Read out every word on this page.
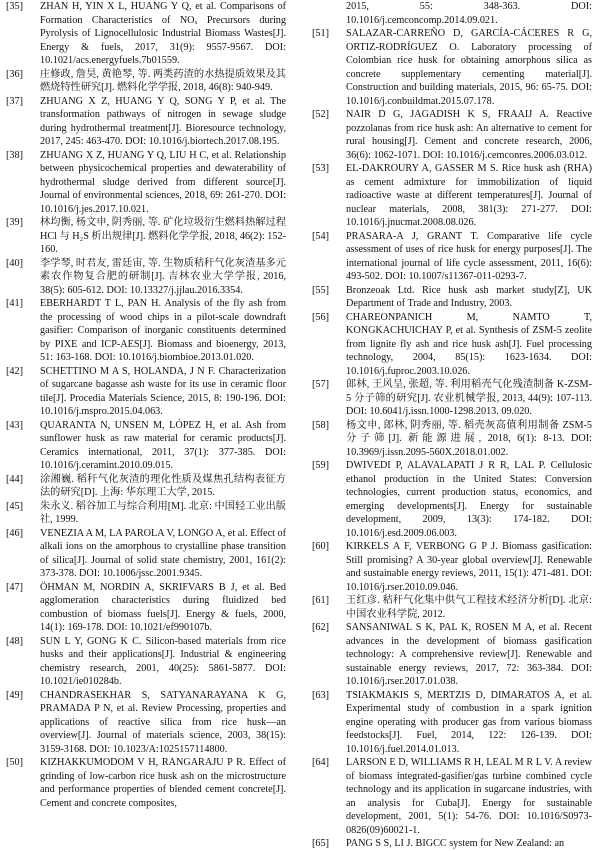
[35]	ZHAN H, YIN X L, HUANG Y Q, et al. Comparisons of Formation Characteristics of NOₓ Precursors during Pyrolysis of Lignocellulosic Industrial Biomass Wastes[J]. Energy & fuels, 2017, 31(9): 9557-9567. DOI: 10.1021/acs.energyfuels.7b01559.
[36]	庄修政, 詹昊, 黄艳琴, 等. 两类药渣的水热提质效果及其燃烧特性研究[J]. 燃料化学学报, 2018, 46(8): 940-949.
[37]	ZHUANG X Z, HUANG Y Q, SONG Y P, et al. The transformation pathways of nitrogen in sewage sludge during hydrothermal treatment[J]. Bioresource technology, 2017, 245: 463-470. DOI: 10.1016/j.biortech.2017.08.195.
[38]	ZHUANG X Z, HUANG Y Q, LIU H C, et al. Relationship between physicochemical properties and dewaterability of hydrothermal sludge derived from different source[J]. Journal of environmental sciences, 2018, 69: 261-270. DOI: 10.1016/j.jes.2017.10.021.
[39]	林均衡, 杨文申, 阴秀丽, 等. 矿化垃圾衍生燃料热解过程 HCl 与 H₂S 析出规律[J]. 燃料化学学报, 2018, 46(2): 152-160.
[40]	李学琴, 时君友, 雷廷宙, 等. 生物质秸秆气化灰渣基多元素农作物复合肥的研制[J]. 吉林农业大学学报, 2016, 38(5): 605-612. DOI: 10.13327/j.jjlau.2016.3354.
[41]	EBERHARDT T L, PAN H. Analysis of the fly ash from the processing of wood chips in a pilot-scale downdraft gasifier: Comparison of inorganic constituents determined by PIXE and ICP-AES[J]. Biomass and bioenergy, 2013, 51: 163-168. DOI: 10.1016/j.biombioe.2013.01.020.
[42]	SCHETTINO M A S, HOLANDA, J N F. Characterization of sugarcane bagasse ash waste for its use in ceramic floor tile[J]. Procedia Materials Science, 2015, 8: 190-196. DOI: 10.1016/j.mspro.2015.04.063.
[43]	QUARANTA N, UNSEN M, LÓPEZ H, et al. Ash from sunflower husk as raw material for ceramic products[J]. Ceramics international, 2011, 37(1): 377-385. DOI: 10.1016/j.ceramint.2010.09.015.
[44]	涂湘巍. 稻秆气化灰渣的理化性质及煤焦孔结构表征方法的研究[D]. 上海: 华东理工大学, 2015.
[45]	朱永义. 稻谷加工与综合利用[M]. 北京: 中国轻工业出版社, 1999.
[46]	VENEZIA A M, LA PAROLA V, LONGO A, et al. Effect of alkali ions on the amorphous to crystalline phase transition of silica[J]. Journal of solid state chemistry, 2001, 161(2): 373-378. DOI: 10.1006/jssc.2001.9345.
[47]	ÖHMAN M, NORDIN A, SKRIFVARS B J, et al. Bed agglomeration characteristics during fluidized bed combustion of biomass fuels[J]. Energy & fuels, 2000, 14(1): 169-178. DOI: 10.1021/ef990107b.
[48]	SUN L Y, GONG K C. Silicon-based materials from rice husks and their applications[J]. Industrial & engineering chemistry research, 2001, 40(25): 5861-5877. DOI: 10.1021/ie010284b.
[49]	CHANDRASEKHAR S, SATYANARAYANA K G, PRAMADA P N, et al. Review Processing, properties and applications of reactive silica from rice husk—an overview[J]. Journal of materials science, 2003, 38(15): 3159-3168. DOI: 10.1023/A:1025157114800.
[50]	KIZHAKKUMODOM V H, RANGARAJU P R. Effect of grinding of low-carbon rice husk ash on the microstructure and performance properties of blended cement concrete[J]. Cement and concrete composites,
2015, 55: 348-363. DOI: 10.1016/j.cemconcomp.2014.09.021.
[51]	SALAZAR-CARREÑO D, GARCÍA-CÁCERES R G, ORTIZ-RODRÍGUEZ O. Laboratory processing of Colombian rice husk for obtaining amorphous silica as concrete supplementary cementing material[J]. Construction and building materials, 2015, 96: 65-75. DOI: 10.1016/j.conbuildmat.2015.07.178.
[52]	NAIR D G, JAGADISH K S, FRAAIJ A. Reactive pozzolanas from rice husk ash: An alternative to cement for rural housing[J]. Cement and concrete research, 2006, 36(6): 1062-1071. DOI: 10.1016/j.cemconres.2006.03.012.
[53]	EL-DAKROURY A, GASSER M S. Rice husk ash (RHA) as cement admixture for immobilization of liquid radioactive waste at different temperatures[J]. Journal of nuclear materials, 2008, 381(3): 271-277. DOI: 10.1016/j.jnucmat.2008.08.026.
[54]	PRASARA-A J, GRANT T. Comparative life cycle assessment of uses of rice husk for energy purposes[J]. The international journal of life cycle assessment, 2011, 16(6): 493-502. DOI: 10.1007/s11367-011-0293-7.
[55]	Bronzeoak Ltd. Rice husk ash market study[Z], UK Department of Trade and Industry, 2003.
[56]	CHAREONPANICH M, NAMTO T, KONGKACHUICHAY P, et al. Synthesis of ZSM-5 zeolite from lignite fly ash and rice husk ash[J]. Fuel processing technology, 2004, 85(15): 1623-1634. DOI: 10.1016/j.fuproc.2003.10.026.
[57]	郎林, 王风呈, 张超, 等. 利用稻壳气化残渣制备 K-ZSM-5 分子筛的研究[J]. 农业机械学报, 2013, 44(9): 107-113. DOI: 10.6041/j.issn.1000-1298.2013. 09.020.
[58]	杨文申, 郎林, 阴秀丽, 等. 稻壳灰高值利用制备 ZSM-5 分子筛[J]. 新能源进展, 2018, 6(1): 8-13. DOI: 10.3969/j.issn.2095-560X.2018.01.002.
[59]	DWIVEDI P, ALAVALAPATI J R R, LAL P. Cellulosic ethanol production in the United States: Conversion technologies, current production status, economics, and emerging developments[J]. Energy for sustainable development, 2009, 13(3): 174-182. DOI: 10.1016/j.esd.2009.06.003.
[60]	KIRKELS A F, VERBONG G P J. Biomass gasification: Still promising? A 30-year global overview[J]. Renewable and sustainable energy reviews, 2011, 15(1): 471-481. DOI: 10.1016/j.rser.2010.09.046.
[61]	王红彦. 秸秆气化集中供气工程技术经济分析[D]. 北京: 中国农业科学院, 2012.
[62]	SANSANIWAL S K, PAL K, ROSEN M A, et al. Recent advances in the development of biomass gasification technology: A comprehensive review[J]. Renewable and sustainable energy reviews, 2017, 72: 363-384. DOI: 10.1016/j.rser.2017.01.038.
[63]	TSIAKMAKIS S, MERTZIS D, DIMARATOS A, et al. Experimental study of combustion in a spark ignition engine operating with producer gas from various biomass feedstocks[J]. Fuel, 2014, 122: 126-139. DOI: 10.1016/j.fuel.2014.01.013.
[64]	LARSON E D, WILLIAMS R H, LEAL M R L V. A review of biomass integrated-gasifier/gas turbine combined cycle technology and its application in sugarcane industries, with an analysis for Cuba[J]. Energy for sustainable development, 2001, 5(1): 54-76. DOI: 10.1016/S0973-0826(09)60021-1.
[65]	PANG S S, LI J. BIGCC system for New Zealand: an
